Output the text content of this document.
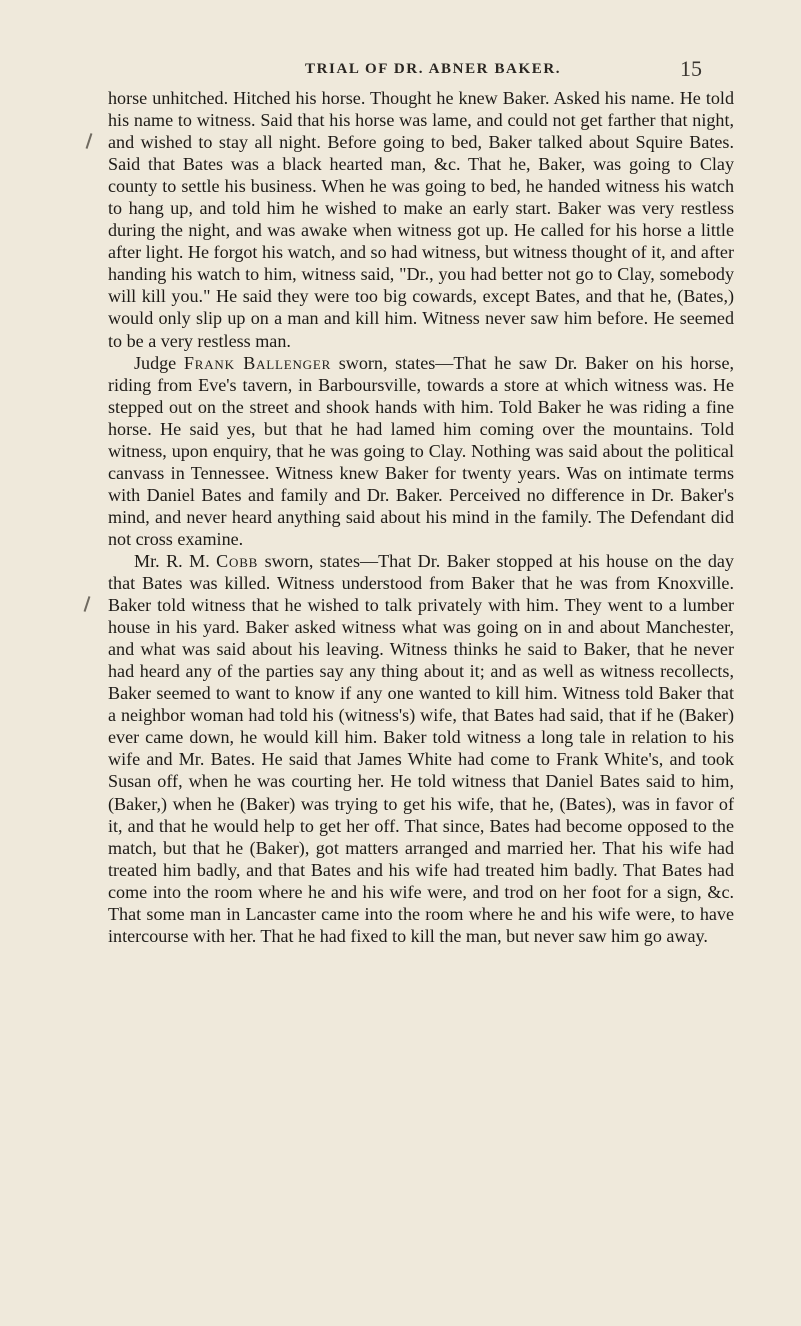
TRIAL OF DR. ABNER BAKER.	15

horse unhitched. Hitched his horse. Thought he knew Baker. Asked his name. He told his name to witness. Said that his horse was lame, and could not get farther that night, and wished to stay all night. Before going to bed, Baker talked about Squire Bates. Said that Bates was a black hearted man, &c. That he, Baker, was going to Clay county to settle his business. When he was going to bed, he handed witness his watch to hang up, and told him he wished to make an early start. Baker was very restless during the night, and was awake when witness got up. He called for his horse a little after light. He forgot his watch, and so had witness, but witness thought of it, and after handing his watch to him, witness said, "Dr., you had better not go to Clay, somebody will kill you." He said they were too big cowards, except Bates, and that he, (Bates,) would only slip up on a man and kill him. Witness never saw him before. He seemed to be a very restless man.

Judge Frank Ballenger sworn, states—That he saw Dr. Baker on his horse, riding from Eve's tavern, in Barboursville, towards a store at which witness was. He stepped out on the street and shook hands with him. Told Baker he was riding a fine horse. He said yes, but that he had lamed him coming over the mountains. Told witness, upon enquiry, that he was going to Clay. Nothing was said about the political canvass in Tennessee. Witness knew Baker for twenty years. Was on intimate terms with Daniel Bates and family and Dr. Baker. Perceived no difference in Dr. Baker's mind, and never heard anything said about his mind in the family. The Defendant did not cross examine.

Mr. R. M. Cobb sworn, states—That Dr. Baker stopped at his house on the day that Bates was killed. Witness understood from Baker that he was from Knoxville. Baker told witness that he wished to talk privately with him. They went to a lumber house in his yard. Baker asked witness what was going on in and about Manchester, and what was said about his leaving. Witness thinks he said to Baker, that he never had heard any of the parties say any thing about it; and as well as witness recollects, Baker seemed to want to know if any one wanted to kill him. Witness told Baker that a neighbor woman had told his (witness's) wife, that Bates had said, that if he (Baker) ever came down, he would kill him. Baker told witness a long tale in relation to his wife and Mr. Bates. He said that James White had come to Frank White's, and took Susan off, when he was courting her. He told witness that Daniel Bates said to him, (Baker,) when he (Baker) was trying to get his wife, that he, (Bates), was in favor of it, and that he would help to get her off. That since, Bates had become opposed to the match, but that he (Baker), got matters arranged and married her. That his wife had treated him badly, and that Bates and his wife had treated him badly. That Bates had come into the room where he and his wife were, and trod on her foot for a sign, &c. That some man in Lancaster came into the room where he and his wife were, to have intercourse with her. That he had fixed to kill the man, but never saw him go away.
